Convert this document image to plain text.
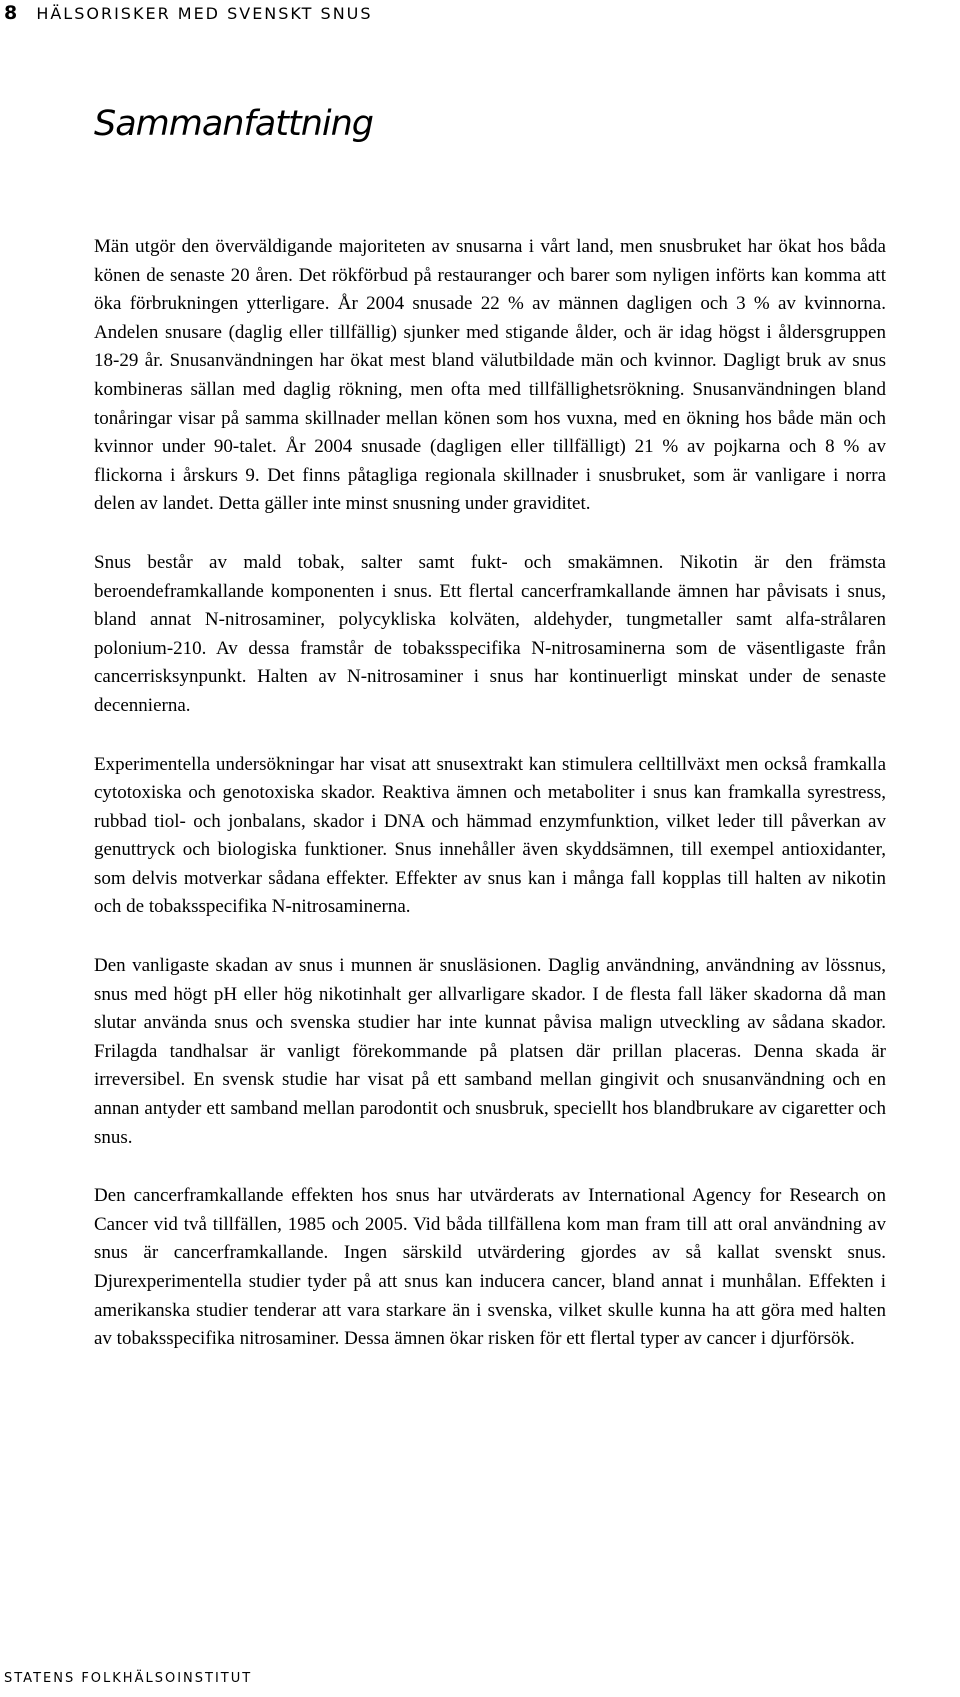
8 HÄLSORISKER MED SVENSKT SNUS
Sammanfattning

Män utgör den överväldigande majoriteten av snusarna i vårt land, men snusbruket har ökat hos båda könen de senaste 20 åren. Det rökförbud på restauranger och barer som nyligen införts kan komma att öka förbrukningen ytterligare. År 2004 snusade 22 % av männen dagligen och 3 % av kvinnorna. Andelen snusare (daglig eller tillfällig) sjunker med stigande ålder, och är idag högst i åldersgruppen 18-29 år. Snusanvändningen har ökat mest bland välutbildade män och kvinnor. Dagligt bruk av snus kombineras sällan med daglig rökning, men ofta med tillfällighetsrökning. Snusanvändningen bland tonåringar visar på samma skillnader mellan könen som hos vuxna, med en ökning hos både män och kvinnor under 90-talet. År 2004 snusade (dagligen eller tillfälligt) 21 % av pojkarna och 8 % av flickorna i årskurs 9. Det finns påtagliga regionala skillnader i snusbruket, som är vanligare i norra delen av landet. Detta gäller inte minst snusning under graviditet.

Snus består av mald tobak, salter samt fukt- och smakämnen. Nikotin är den främsta beroendeframkallande komponenten i snus. Ett flertal cancerframkallande ämnen har påvisats i snus, bland annat N-nitrosaminer, polycykliska kolväten, aldehyder, tungmetaller samt alfa-strålaren polonium-210. Av dessa framstår de tobaksspecifika N-nitrosaminerna som de väsentligaste från cancerrisksynpunkt. Halten av N-nitrosaminer i snus har kontinuerligt minskat under de senaste decennierna.

Experimentella undersökningar har visat att snusextrakt kan stimulera celltillväxt men också framkalla cytotoxiska och genotoxiska skador. Reaktiva ämnen och metaboliter i snus kan framkalla syrestress, rubbad tiol- och jonbalans, skador i DNA och hämmad enzymfunktion, vilket leder till påverkan av genuttryck och biologiska funktioner. Snus innehåller även skyddsämnen, till exempel antioxidanter, som delvis motverkar sådana effekter. Effekter av snus kan i många fall kopplas till halten av nikotin och de tobaksspecifika N-nitrosaminerna.

Den vanligaste skadan av snus i munnen är snusläsionen. Daglig användning, användning av lössnus, snus med högt pH eller hög nikotinhalt ger allvarligare skador. I de flesta fall läker skadorna då man slutar använda snus och svenska studier har inte kunnat påvisa malign utveckling av sådana skador. Frilagda tandhalsar är vanligt förekommande på platsen där prillan placeras. Denna skada är irreversibel. En svensk studie har visat på ett samband mellan gingivit och snusanvändning och en annan antyder ett samband mellan parodontit och snusbruk, speciellt hos blandbrukare av cigaretter och snus.

Den cancerframkallande effekten hos snus har utvärderats av International Agency for Research on Cancer vid två tillfällen, 1985 och 2005. Vid båda tillfällena kom man fram till att oral användning av snus är cancerframkallande. Ingen särskild utvärdering gjordes av så kallat svenskt snus. Djurexperimentella studier tyder på att snus kan inducera cancer, bland annat i munhålan. Effekten i amerikanska studier tenderar att vara starkare än i svenska, vilket skulle kunna ha att göra med halten av tobaksspecifika nitrosaminer. Dessa ämnen ökar risken för ett flertal typer av cancer i djurförsök.

STATENS FOLKHÄLSOINSTITUT
